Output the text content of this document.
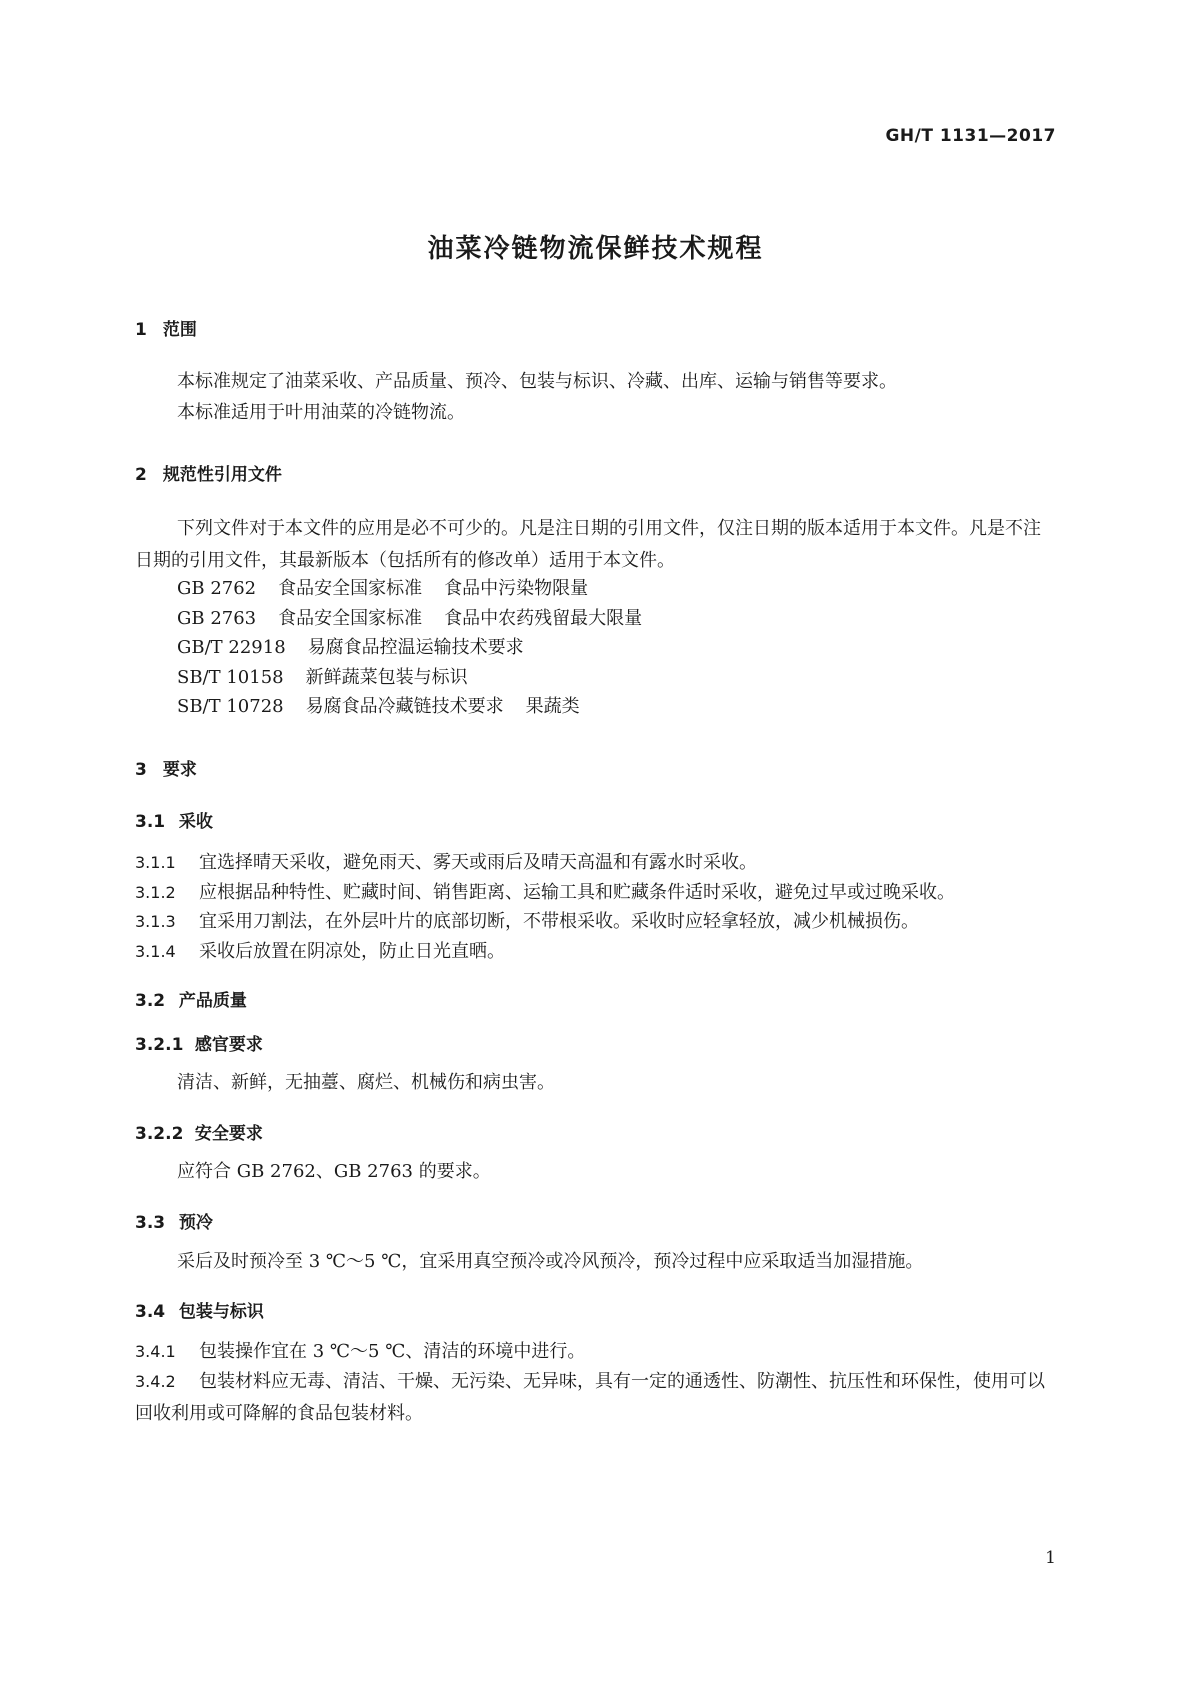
GH/T 1131—2017
油菜冷链物流保鲜技术规程
1 范围

本标准规定了油菜采收、产品质量、预冷、包装与标识、冷藏、出库、运输与销售等要求。

本标准适用于叶用油菜的冷链物流。

2 规范性引用文件

下列文件对于本文件的应用是必不可少的。凡是注日期的引用文件，仅注日期的版本适用于本文件。凡是不注日期的引用文件，其最新版本（包括所有的修改单）适用于本文件。

GB 2762 食品安全国家标准 食品中污染物限量
GB 2763 食品安全国家标准 食品中农药残留最大限量
GB/T 22918 易腐食品控温运输技术要求
SB/T 10158 新鲜蔬菜包装与标识
SB/T 10728 易腐食品冷藏链技术要求 果蔬类
3 要求
3.1 采收

3.1.1 宜选择晴天采收，避免雨天、雾天或雨后及晴天高温和有露水时采收。

3.1.2 应根据品种特性、贮藏时间、销售距离、运输工具和贮藏条件适时采收，避免过早或过晚采收。

3.1.3 宜采用刀割法，在外层叶片的底部切断，不带根采收。采收时应轻拿轻放，减少机械损伤。

3.1.4 采收后放置在阴凉处，防止日光直晒。

3.2 产品质量
3.2.1 感官要求

清洁、新鲜，无抽薹、腐烂、机械伤和病虫害。

3.2.2 安全要求

应符合 GB 2762、GB 2763 的要求。

3.3 预冷

采后及时预冷至 3 ℃～5 ℃，宜采用真空预冷或冷风预冷，预冷过程中应采取适当加湿措施。

3.4 包装与标识

3.4.1 包装操作宜在 3 ℃～5 ℃、清洁的环境中进行。

3.4.2 包装材料应无毒、清洁、干燥、无污染、无异味，具有一定的通透性、防潮性、抗压性和环保性，使用可以回收利用或可降解的食品包装材料。

1
